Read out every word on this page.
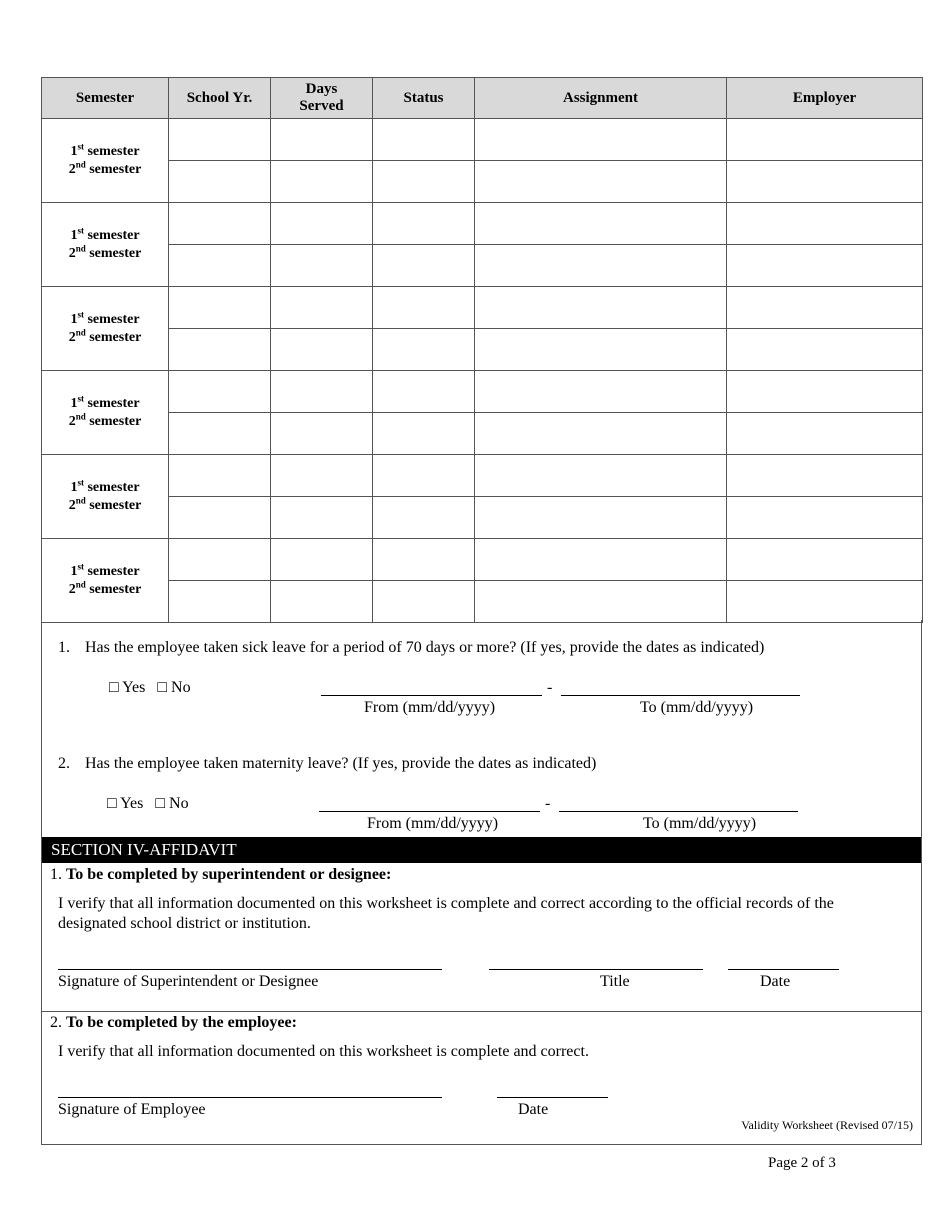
Semester	School Yr.	Days Served	Status	Assignment	Employer

1st semester
2nd semester					

1st semester
2nd semester					

1st semester
2nd semester					

1st semester
2nd semester					

1st semester
2nd semester					

1st semester
2nd semester					

1. Has the employee taken sick leave for a period of 70 days or more? (If yes, provide the dates as indicated)
□ Yes □ No	-
From (mm/dd/yyyy)	To (mm/dd/yyyy)
2. Has the employee taken maternity leave? (If yes, provide the dates as indicated)
□ Yes □ No	-
From (mm/dd/yyyy)	To (mm/dd/yyyy)
SECTION IV-AFFIDAVIT
1. To be completed by superintendent or designee:
I verify that all information documented on this worksheet is complete and correct according to the official records of the
designated school district or institution.
Signature of Superintendent or Designee	Title	Date
2. To be completed by the employee:
I verify that all information documented on this worksheet is complete and correct.
Signature of Employee	Date
Validity Worksheet (Revised 07/15)
Page 2 of 3
